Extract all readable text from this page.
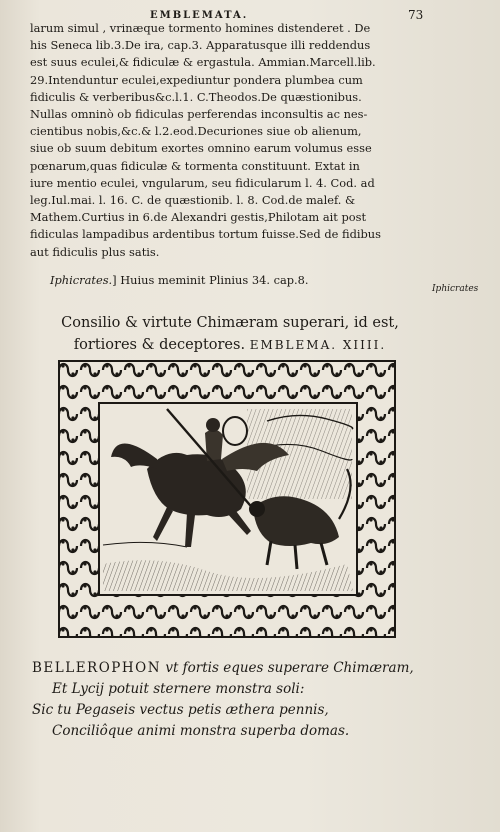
EMBLEMATA.	73
larum simul , vrinæque tormento homines distenderet . De
his Seneca lib.3.De ira, cap.3. Apparatusque illi reddendus
est suus eculei,& fidiculæ & ergastula. Ammian.Marcell.lib.
29.Intenduntur eculei,expediuntur pondera plumbea cum
fidiculis & verberibus&c.l.1. C.Theodos.De quæstionibus.
Nullas omninò ob fidiculas perferendas inconsultis ac nes-
cientibus nobis,&c.& l.2.eod.Decuriones siue ob alienum,
siue ob suum debitum exortes omnino earum volumus esse
pœnarum,quas fidiculæ & tormenta constituunt. Extat in
iure mentio eculei, vngularum, seu fidicularum l. 4. Cod. ad
leg.Iul.mai. l. 16. C. de quæstionib. l. 8. Cod.de malef. &
Mathem.Curtius in 6.de Alexandri gestis,Philotam ait post
fidiculas lampadibus ardentibus tortum fuisse.Sed de fidibus
aut fidiculis plus satis.
Iphicrates.] Huius meminit Plinius 34. cap.8.
Iphicrates
Consilio & virtute Chimæram superari, id est,
fortiores & deceptores. EMBLEMA. XIIII.
BELLEROPHON vt fortis eques superare Chimæram,
Et Lycij potuit sternere monstra soli:
Sic tu Pegaseis vectus petis æthera pennis,
Conciliôque animi monstra superba domas.
